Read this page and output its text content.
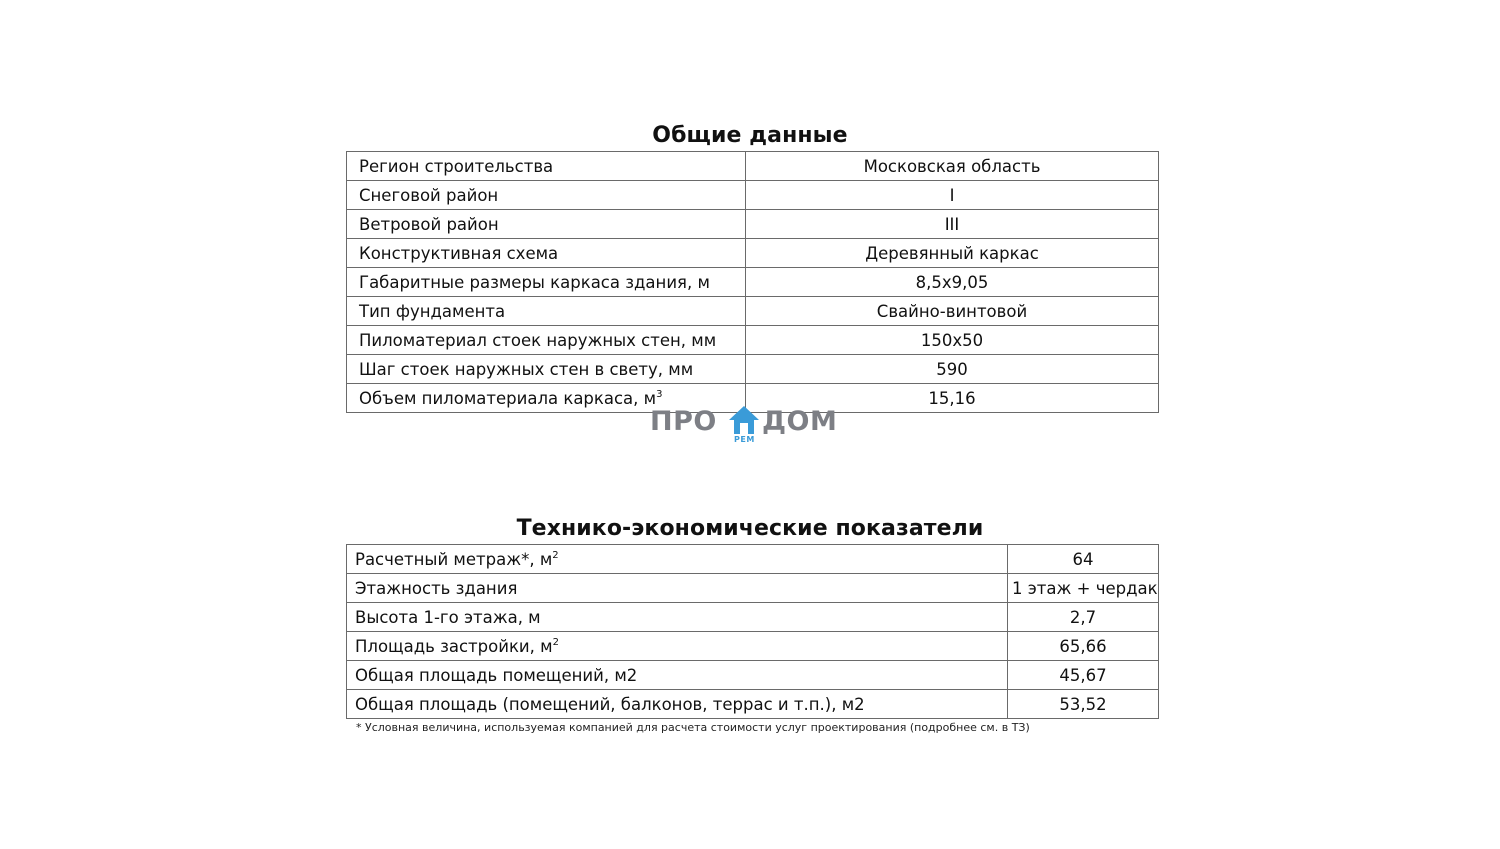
Общие данные
Регион строительства	Московская область
Снеговой район	I
Ветровой район	III
Конструктивная схема	Деревянный каркас
Габаритные размеры каркаса здания, м	8,5x9,05
Тип фундамента	Свайно-винтовой
Пиломатериал стоек наружных стен, мм	150x50
Шаг стоек наружных стен в свету, мм	590
Объем пиломатериала каркаса, $м^3$	15,16
ПРО
РЕМ
ДОМ
Технико-экономические показатели
Расчетный метраж*, $м^2$	64
Этажность здания	1 этаж + чердак
Высота 1-го этажа, м	2,7
Площадь застройки, $м^2$	65,66
Общая площадь помещений, м2	45,67
Общая площадь (помещений, балконов, террас и т.п.), м2	53,52
* Условная величина, используемая компанией для расчета стоимости услуг проектирования (подробнее см. в ТЗ)
